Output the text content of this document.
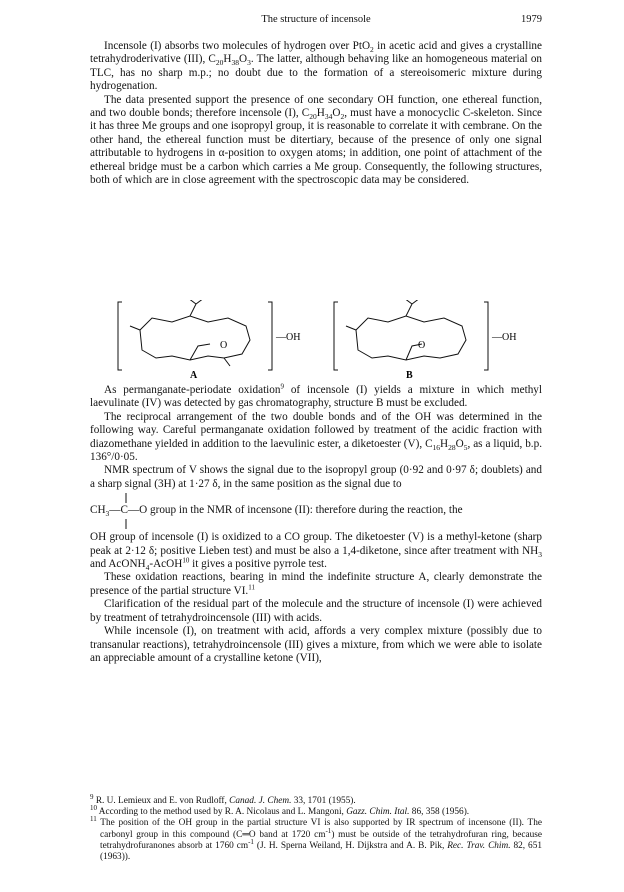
The structure of incensole	1979

Incensole (I) absorbs two molecules of hydrogen over PtO$_2$ in acetic acid and gives a crystalline tetrahydroderivative (III), $C_{20}H_{38}O_3$. The latter, although behaving like an homogeneous material on TLC, has no sharp m.p.; no doubt due to the formation of a stereoisomeric mixture during hydrogenation.

The data presented support the presence of one secondary OH function, one ethereal function, and two double bonds; therefore incensole (I), $C_{20}H_{34}O_2$, must have a monocyclic C-skeleton. Since it has three Me groups and one isopropyl group, it is reasonable to correlate it with cembrane. On the other hand, the ethereal function must be ditertiary, because of the presence of only one signal attributable to hydrogens in α-position to oxygen atoms; in addition, one point of attachment of the ethereal bridge must be a carbon which carries a Me group. Consequently, the following structures, both of which are in close agreement with the spectroscopic data may be considered.

O
—OH
O
—OH
A	B

As permanganate-periodate oxidation$^9$ of incensole (I) yields a mixture in which methyl laevulinate (IV) was detected by gas chromatography, structure B must be excluded.

The reciprocal arrangement of the two double bonds and of the OH was determined in the following way. Careful permanganate oxidation followed by treatment of the acidic fraction with diazomethane yielded in addition to the laevulinic ester, a diketoester (V), $C_{16}H_{28}O_5$, as a liquid, b.p. 136°/0·05.

NMR spectrum of V shows the signal due to the isopropyl group (0·92 and 0·97 δ; doublets) and a sharp signal (3H) at 1·27 δ, in the same position as the signal due to

$CH_3—C—O$ group in the NMR of incensone (II): therefore during the reaction, the

OH group of incensole (I) is oxidized to a CO group. The diketoester (V) is a methyl-ketone (sharp peak at 2·12 δ; positive Lieben test) and must be also a 1,4-diketone, since after treatment with $NH_3$ and AcONH$_4$-AcOH$^{10}$ it gives a positive pyrrole test.

These oxidation reactions, bearing in mind the indefinite structure A, clearly demonstrate the presence of the partial structure VI.$^{11}$

Clarification of the residual part of the molecule and the structure of incensole (I) were achieved by treatment of tetrahydroincensole (III) with acids.

While incensole (I), on treatment with acid, affords a very complex mixture (possibly due to transanular reactions), tetrahydroincensole (III) gives a mixture, from which we were able to isolate an appreciable amount of a crystalline ketone (VII),

$^9$ R. U. Lemieux and E. von Rudloff, Canad. J. Chem. 33, 1701 (1955).

$^{10}$ According to the method used by R. A. Nicolaus and L. Mangoni, Gazz. Chim. Ital. 86, 358 (1956).

$^{11}$ The position of the OH group in the partial structure VI is also supported by IR spectrum of incensone (II). The carbonyl group in this compound (C═O band at 1720 $cm^{-1}$) must be outside of the tetrahydrofuran ring, because tetrahydrofuranones absorb at 1760 $cm^{-1}$ (J. H. Sperna Weiland, H. Dijkstra and A. B. Pik, Rec. Trav. Chim. 82, 651 (1963)).
